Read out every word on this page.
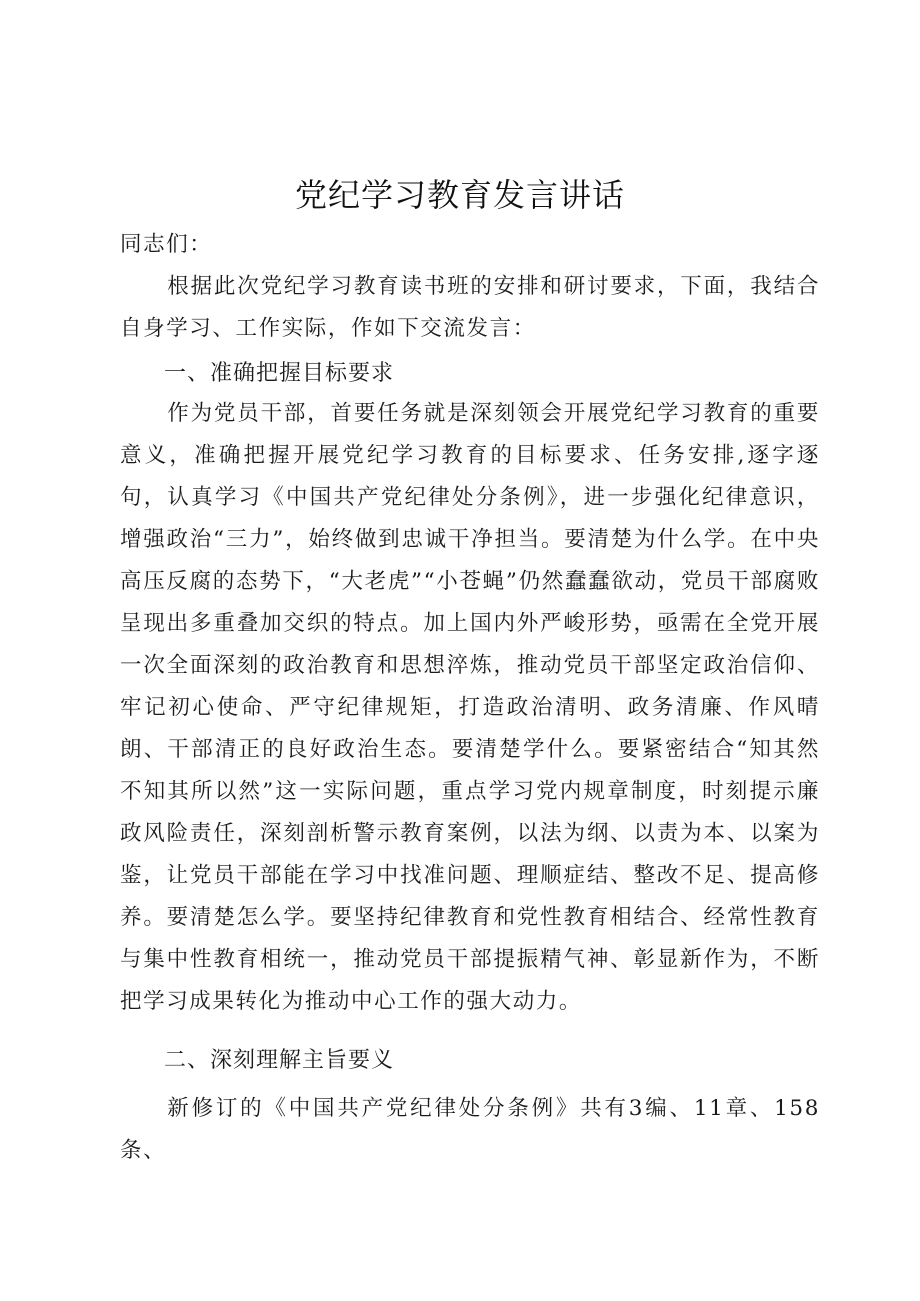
党纪学习教育发言讲话

同志们：

根据此次党纪学习教育读书班的安排和研讨要求，下面，我结合自身学习、工作实际，作如下交流发言：

一、准确把握目标要求

作为党员干部，首要任务就是深刻领会开展党纪学习教育的重要意义，准确把握开展党纪学习教育的目标要求、任务安排,逐字逐句，认真学习《中国共产党纪律处分条例》，进一步强化纪律意识，增强政治“三力”，始终做到忠诚干净担当。要清楚为什么学。在中央高压反腐的态势下，“大老虎”“小苍蝇”仍然蠢蠢欲动，党员干部腐败呈现出多重叠加交织的特点。加上国内外严峻形势，亟需在全党开展一次全面深刻的政治教育和思想淬炼，推动党员干部坚定政治信仰、牢记初心使命、严守纪律规矩，打造政治清明、政务清廉、作风晴朗、干部清正的良好政治生态。要清楚学什么。要紧密结合“知其然不知其所以然”这一实际问题，重点学习党内规章制度，时刻提示廉政风险责任，深刻剖析警示教育案例，以法为纲、以责为本、以案为鉴，让党员干部能在学习中找准问题、理顺症结、整改不足、提高修养。要清楚怎么学。要坚持纪律教育和党性教育相结合、经常性教育与集中性教育相统一，推动党员干部提振精气神、彰显新作为，不断把学习成果转化为推动中心工作的强大动力。

二、深刻理解主旨要义

新修订的《中国共产党纪律处分条例》共有3编、11章、158条、
